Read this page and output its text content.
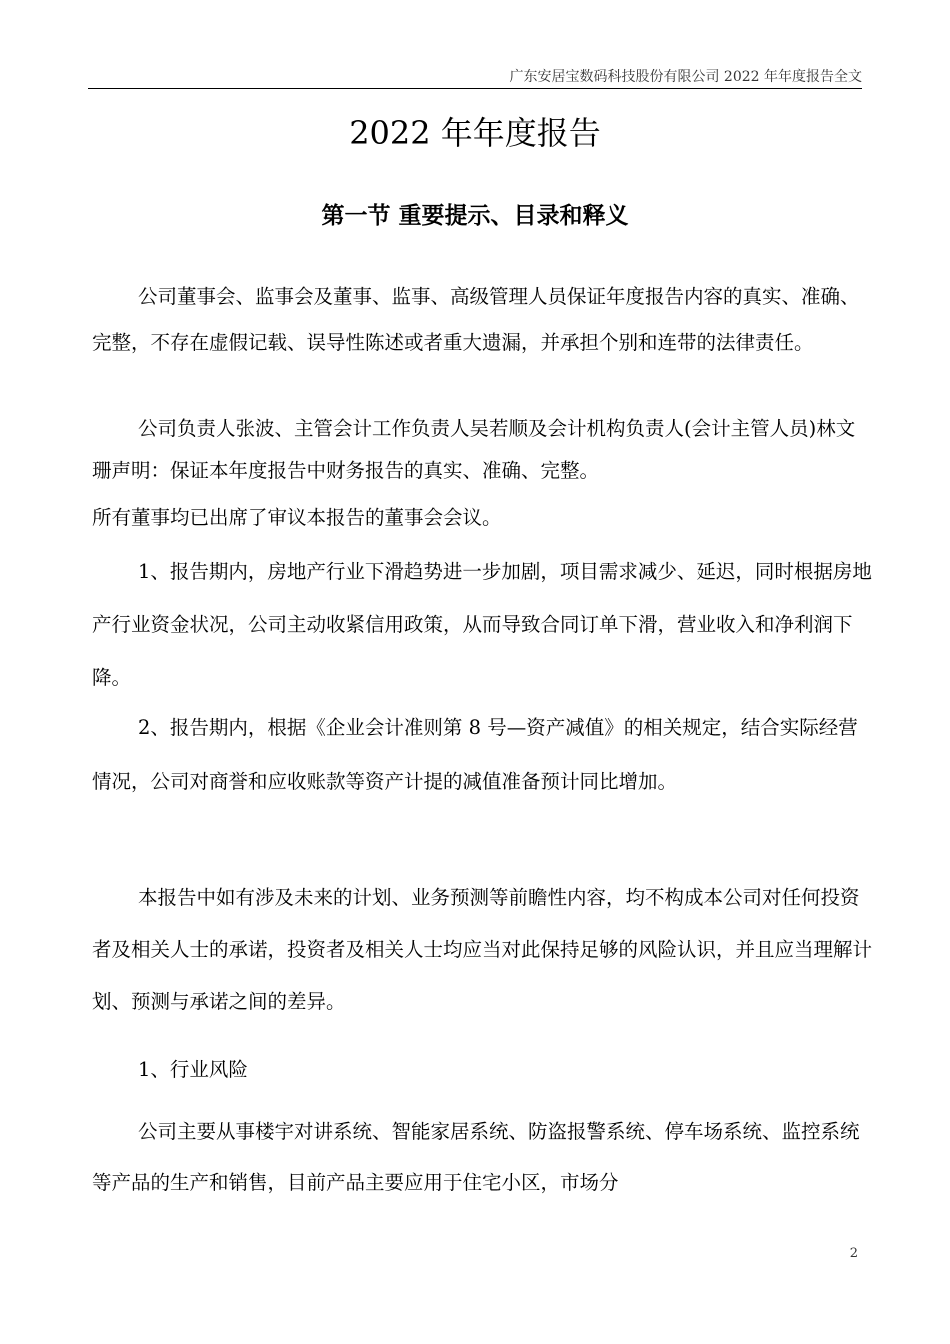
广东安居宝数码科技股份有限公司 2022 年年度报告全文
2022 年年度报告
第一节 重要提示、目录和释义

公司董事会、监事会及董事、监事、高级管理人员保证年度报告内容的真实、准确、完整，不存在虚假记载、误导性陈述或者重大遗漏，并承担个别和连带的法律责任。

公司负责人张波、主管会计工作负责人吴若顺及会计机构负责人(会计主管人员)林文珊声明：保证本年度报告中财务报告的真实、准确、完整。

所有董事均已出席了审议本报告的董事会会议。

1、报告期内，房地产行业下滑趋势进一步加剧，项目需求减少、延迟，同时根据房地产行业资金状况，公司主动收紧信用政策，从而导致合同订单下滑，营业收入和净利润下降。

2、报告期内，根据《企业会计准则第 8 号—资产减值》的相关规定，结合实际经营情况，公司对商誉和应收账款等资产计提的减值准备预计同比增加。

本报告中如有涉及未来的计划、业务预测等前瞻性内容，均不构成本公司对任何投资者及相关人士的承诺，投资者及相关人士均应当对此保持足够的风险认识，并且应当理解计划、预测与承诺之间的差异。

1、行业风险

公司主要从事楼宇对讲系统、智能家居系统、防盗报警系统、停车场系统、监控系统等产品的生产和销售，目前产品主要应用于住宅小区，市场分

2
